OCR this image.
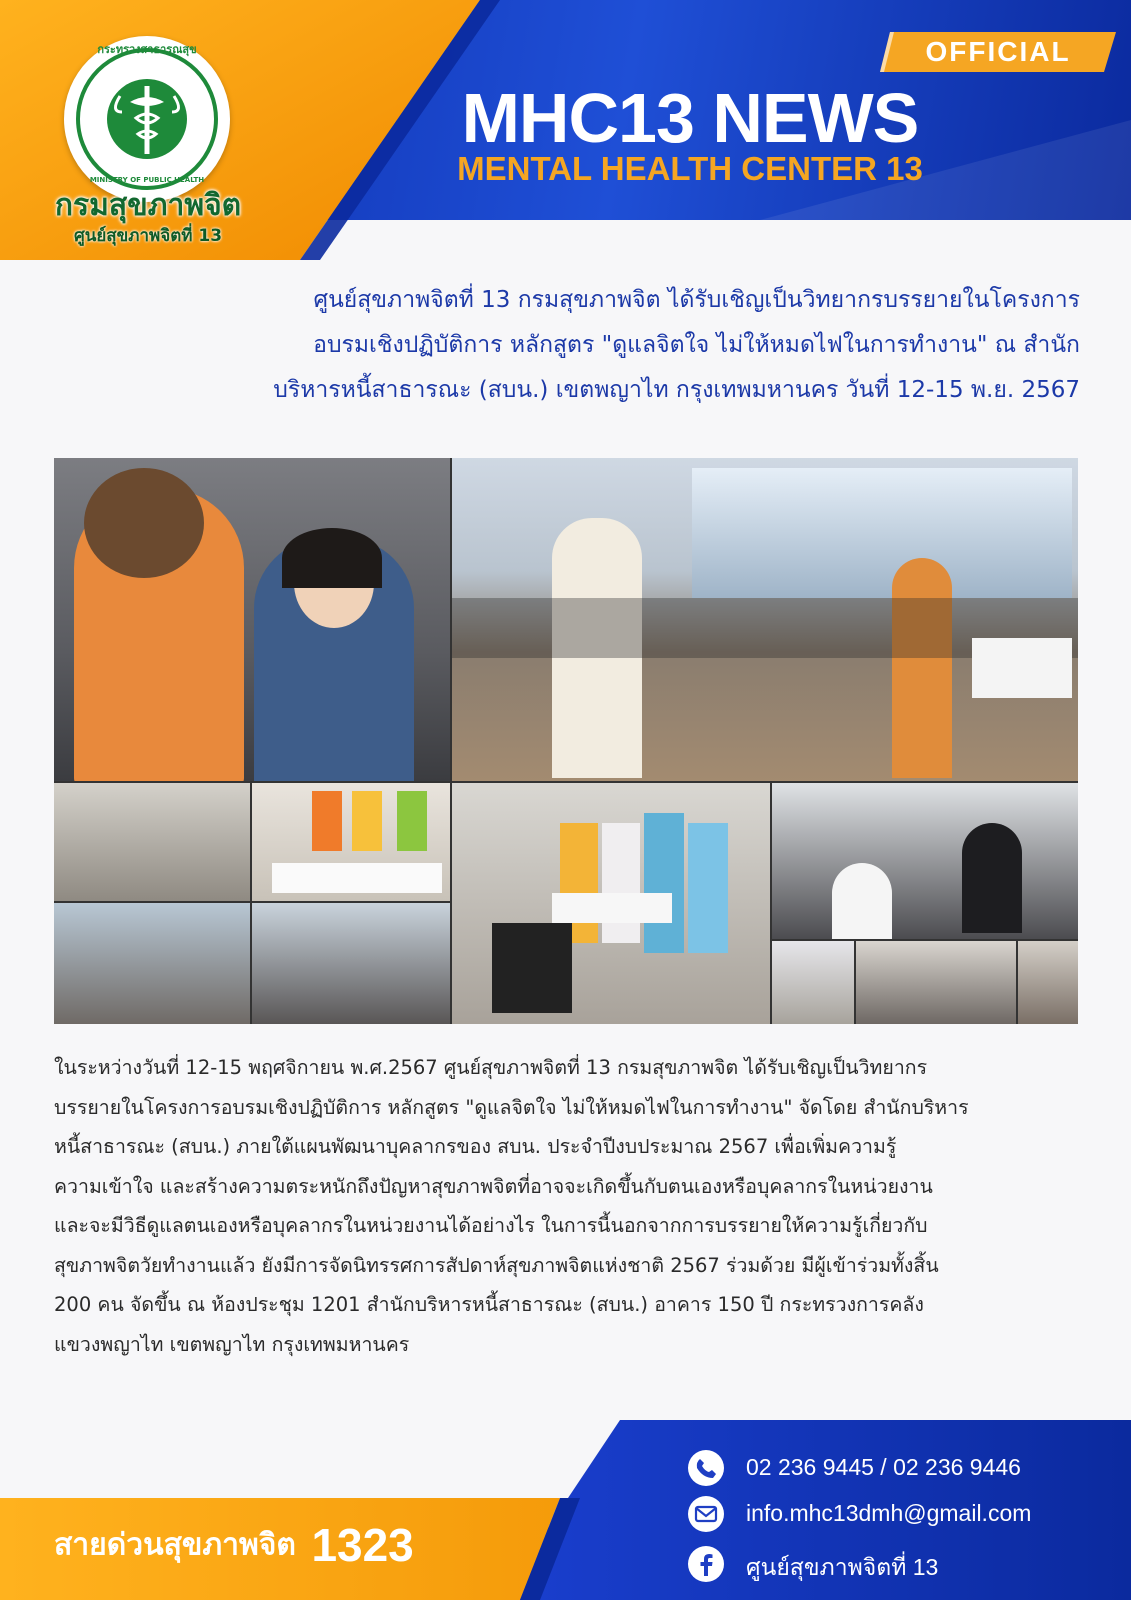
กระทรวงสาธารณสุข
MINISTRY OF PUBLIC HEALTH
กรมสุขภาพจิต
ศูนย์สุขภาพจิตที่ 13
OFFICIAL
MHC13 NEWS
MENTAL HEALTH CENTER 13
ศูนย์สุขภาพจิตที่ 13 กรมสุขภาพจิต ได้รับเชิญเป็นวิทยากรบรรยายในโครงการ
อบรมเชิงปฏิบัติการ หลักสูตร "ดูแลจิตใจ ไม่ให้หมดไฟในการทำงาน" ณ สำนัก
บริหารหนี้สาธารณะ (สบน.) เขตพญาไท กรุงเทพมหานคร วันที่ 12-15 พ.ย. 2567
ในระหว่างวันที่ 12-15 พฤศจิกายน พ.ศ.2567 ศูนย์สุขภาพจิตที่ 13 กรมสุขภาพจิต ได้รับเชิญเป็นวิทยากร
บรรยายในโครงการอบรมเชิงปฏิบัติการ หลักสูตร "ดูแลจิตใจ ไม่ให้หมดไฟในการทำงาน" จัดโดย สำนักบริหาร
หนี้สาธารณะ (สบน.) ภายใต้แผนพัฒนาบุคลากรของ สบน. ประจำปีงบประมาณ 2567 เพื่อเพิ่มความรู้
ความเข้าใจ และสร้างความตระหนักถึงปัญหาสุขภาพจิตที่อาจจะเกิดขึ้นกับตนเองหรือบุคลากรในหน่วยงาน
และจะมีวิธีดูแลตนเองหรือบุคลากรในหน่วยงานได้อย่างไร ในการนี้นอกจากการบรรยายให้ความรู้เกี่ยวกับ
สุขภาพจิตวัยทำงานแล้ว ยังมีการจัดนิทรรศการสัปดาห์สุขภาพจิตแห่งชาติ 2567 ร่วมด้วย มีผู้เข้าร่วมทั้งสิ้น
200 คน จัดขึ้น ณ ห้องประชุม 1201 สำนักบริหารหนี้สาธารณะ (สบน.) อาคาร 150 ปี กระทรวงการคลัง
แขวงพญาไท เขตพญาไท กรุงเทพมหานคร
สายด่วนสุขภาพจิต 1323
02 236 9445 / 02 236 9446
info.mhc13dmh@gmail.com
ศูนย์สุขภาพจิตที่ 13
